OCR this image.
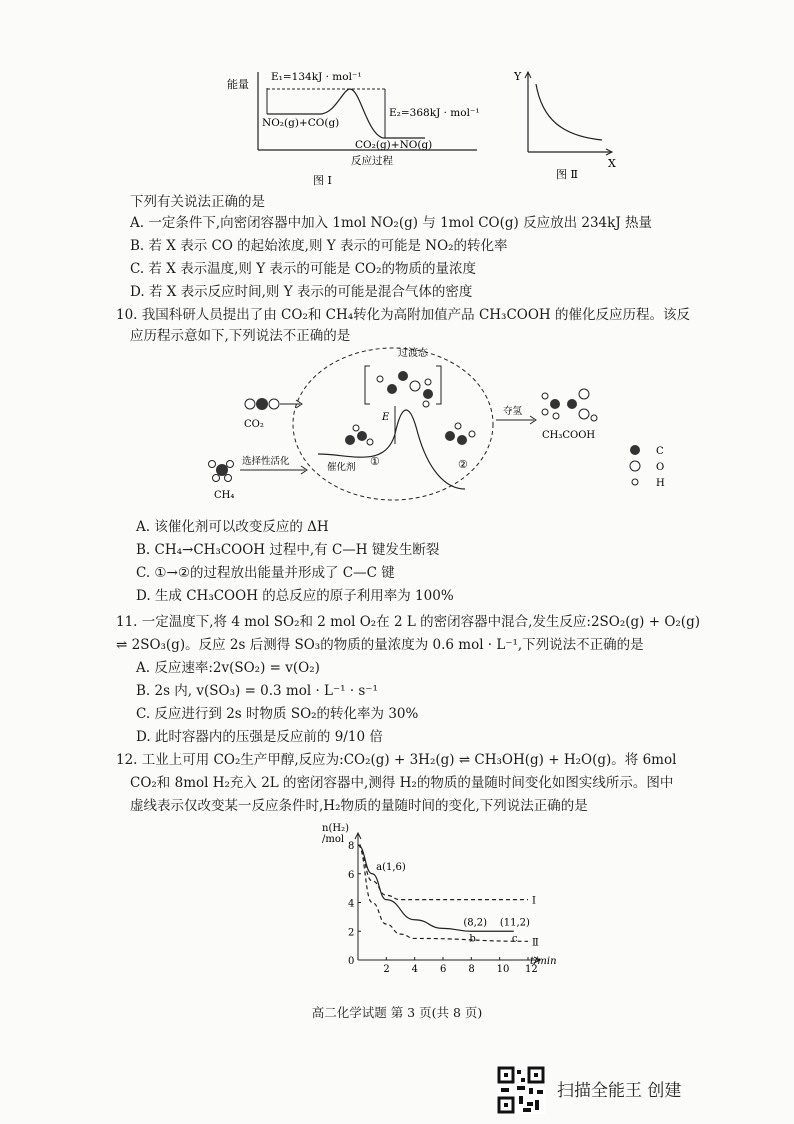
能量
E₁=134kJ · mol⁻¹
E₂=368kJ · mol⁻¹
NO₂(g)+CO(g)
CO₂(g)+NO(g)
反应过程
图 Ⅰ
Y
X
图 Ⅱ
下列有关说法正确的是
A. 一定条件下,向密闭容器中加入 1mol NO₂(g) 与 1mol CO(g) 反应放出 234kJ 热量
B. 若 X 表示 CO 的起始浓度,则 Y 表示的可能是 NO₂的转化率
C. 若 X 表示温度,则 Y 表示的可能是 CO₂的物质的量浓度
D. 若 X 表示反应时间,则 Y 表示的可能是混合气体的密度
10. 我国科研人员提出了由 CO₂和 CH₄转化为高附加值产品 CH₃COOH 的催化反应历程。该反
应历程示意如下,下列说法不正确的是
CO₂
CH₄
选择性活化
过渡态
E
催化剂 ①	②
夺氢
CH₃COOH
C
O
H
A. 该催化剂可以改变反应的 ΔH
B. CH₄→CH₃COOH 过程中,有 C—H 键发生断裂
C. ①→②的过程放出能量并形成了 C—C 键
D. 生成 CH₃COOH 的总反应的原子利用率为 100%
11. 一定温度下,将 4 mol SO₂和 2 mol O₂在 2 L 的密闭容器中混合,发生反应:2SO₂(g) + O₂(g)
⇌ 2SO₃(g)。反应 2s 后测得 SO₃的物质的量浓度为 0.6 mol · L⁻¹,下列说法不正确的是
A. 反应速率:2v(SO₂) = v(O₂)
B. 2s 内, v(SO₃) = 0.3 mol · L⁻¹ · s⁻¹
C. 反应进行到 2s 时物质 SO₂的转化率为 30%
D. 此时容器内的压强是反应前的 9/10 倍
12. 工业上可用 CO₂生产甲醇,反应为:CO₂(g) + 3H₂(g) ⇌ CH₃OH(g) + H₂O(g)。将 6mol
CO₂和 8mol H₂充入 2L 的密闭容器中,测得 H₂的物质的量随时间变化如图实线所示。图中
虚线表示仅改变某一反应条件时,H₂物质的量随时间的变化,下列说法正确的是
n(H₂)
/mol
t/min
2 4 6 8 10 12
0
2
4
6
8
Ⅰ
Ⅱ
a(1,6)
(8,2)
b
(11,2)
c
高二化学试题 第 3 页(共 8 页)
扫描全能王 创建
